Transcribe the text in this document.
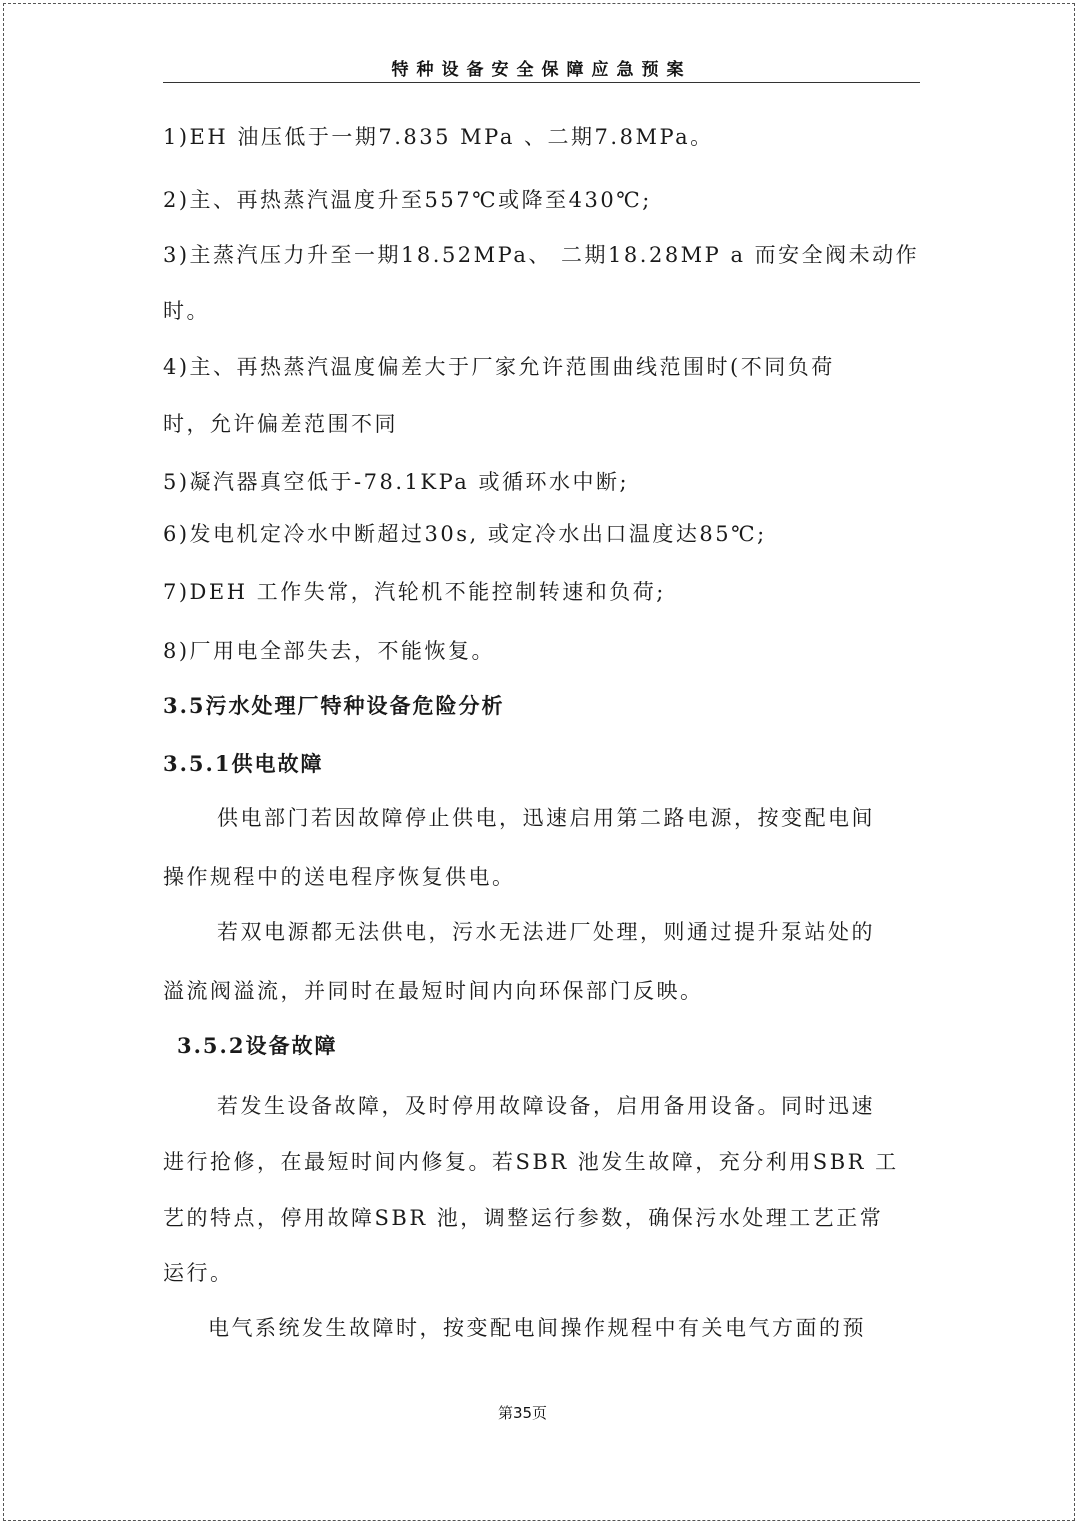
特种设备安全保障应急预案
1)EH 油压低于一期7.835 MPa 、二期7.8MPa。
2)主、再热蒸汽温度升至557℃或降至430℃;
3)主蒸汽压力升至一期18.52MPa、 二期18.28MP a 而安全阀未动作
时。
4)主、再热蒸汽温度偏差大于厂家允许范围曲线范围时(不同负荷
时，允许偏差范围不同
5)凝汽器真空低于-78.1KPa 或循环水中断;
6)发电机定冷水中断超过30s, 或定冷水出口温度达85℃;
7)DEH 工作失常，汽轮机不能控制转速和负荷;
8)厂用电全部失去，不能恢复。
3.5污水处理厂特种设备危险分析
3.5.1供电故障
供电部门若因故障停止供电，迅速启用第二路电源，按变配电间
操作规程中的送电程序恢复供电。
若双电源都无法供电，污水无法进厂处理，则通过提升泵站处的
溢流阀溢流，并同时在最短时间内向环保部门反映。
3.5.2设备故障
若发生设备故障，及时停用故障设备，启用备用设备。同时迅速
进行抢修，在最短时间内修复。若SBR 池发生故障，充分利用SBR 工
艺的特点，停用故障SBR 池，调整运行参数，确保污水处理工艺正常
运行。
电气系统发生故障时，按变配电间操作规程中有关电气方面的预
第35页
